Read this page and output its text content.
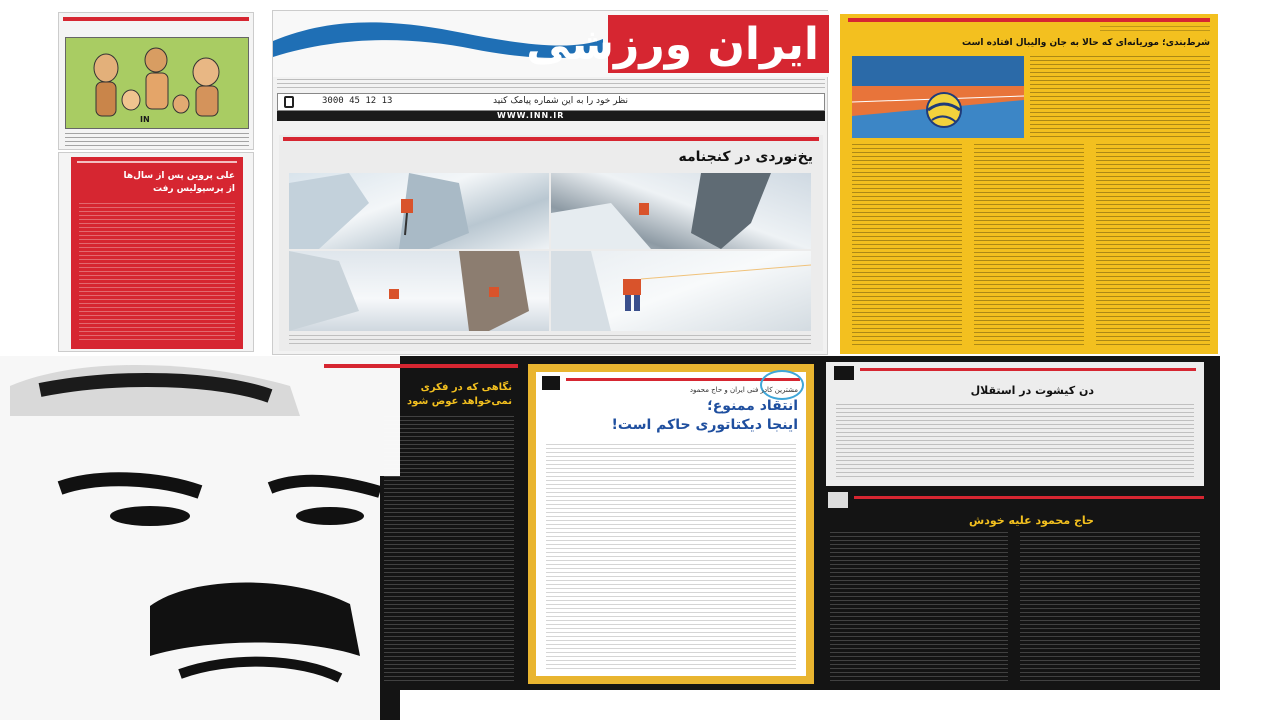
IN
علی پروین پس از سال‌ها
از پرسپولیس رفت
ایران ورزشی
نظر خود را به این شماره پیامک کنید
3000 45 12 13
WWW.INN.IR
یخ‌نوردی در کنجنامه
شرط‌بندی؛ موریانه‌ای که حالا به جان والیبال افتاده است
نگاهی که در فکری
نمی‌خواهد عوض شود
مشترین کادر فنی ایران و حاج محمود
انتقاد ممنوع؛
اینجا دیکتاتوری حاکم است!
دن کیشوت در استقلال
حاج محمود علیه خودش
